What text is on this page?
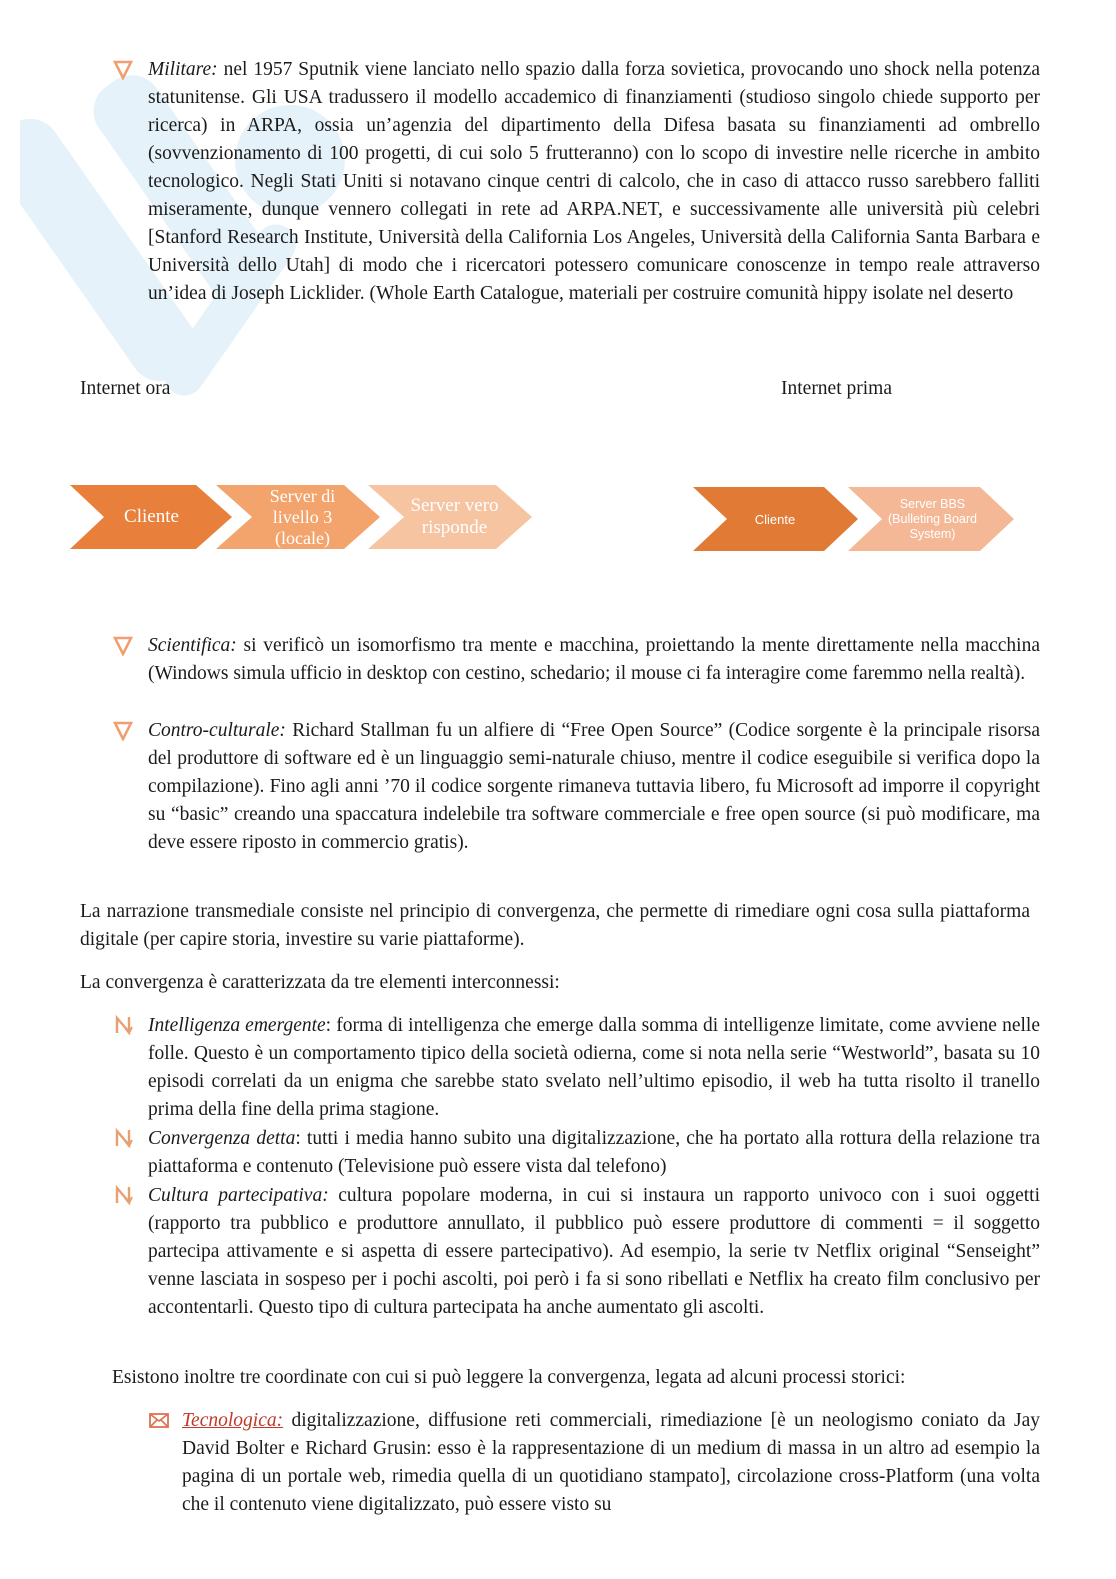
Militare: nel 1957 Sputnik viene lanciato nello spazio dalla forza sovietica, provocando uno shock nella potenza statunitense. Gli USA tradussero il modello accademico di finanziamenti (studioso singolo chiede supporto per ricerca) in ARPA, ossia un’agenzia del dipartimento della Difesa basata su finanziamenti ad ombrello (sovvenzionamento di 100 progetti, di cui solo 5 frutteranno) con lo scopo di investire nelle ricerche in ambito tecnologico. Negli Stati Uniti si notavano cinque centri di calcolo, che in caso di attacco russo sarebbero falliti miseramente, dunque vennero collegati in rete ad ARPA.NET, e successivamente alle università più celebri [Stanford Research Institute, Università della California Los Angeles, Università della California Santa Barbara e Università dello Utah] di modo che i ricercatori potessero comunicare conoscenze in tempo reale attraverso un’idea di Joseph Licklider. (Whole Earth Catalogue, materiali per costruire comunità hippy isolate nel deserto
Internet ora	Internet prima
Cliente
Server di livello 3 (locale)
Server vero risponde	Cliente
Server BBS (Bulleting Board System)
Scientifica: si verificò un isomorfismo tra mente e macchina, proiettando la mente direttamente nella macchina (Windows simula ufficio in desktop con cestino, schedario; il mouse ci fa interagire come faremmo nella realtà).
Contro-culturale: Richard Stallman fu un alfiere di “Free Open Source” (Codice sorgente è la principale risorsa del produttore di software ed è un linguaggio semi-naturale chiuso, mentre il codice eseguibile si verifica dopo la compilazione). Fino agli anni ’70 il codice sorgente rimaneva tuttavia libero, fu Microsoft ad imporre il copyright su “basic” creando una spaccatura indelebile tra software commerciale e free open source (si può modificare, ma deve essere riposto in commercio gratis).
La narrazione transmediale consiste nel principio di convergenza, che permette di rimediare ogni cosa sulla piattaforma digitale (per capire storia, investire su varie piattaforme).
La convergenza è caratterizzata da tre elementi interconnessi:
Intelligenza emergente: forma di intelligenza che emerge dalla somma di intelligenze limitate, come avviene nelle folle. Questo è un comportamento tipico della società odierna, come si nota nella serie “Westworld”, basata su 10 episodi correlati da un enigma che sarebbe stato svelato nell’ultimo episodio, il web ha tutta risolto il tranello prima della fine della prima stagione.
Convergenza detta: tutti i media hanno subito una digitalizzazione, che ha portato alla rottura della relazione tra piattaforma e contenuto (Televisione può essere vista dal telefono)
Cultura partecipativa: cultura popolare moderna, in cui si instaura un rapporto univoco con i suoi oggetti (rapporto tra pubblico e produttore annullato, il pubblico può essere produttore di commenti = il soggetto partecipa attivamente e si aspetta di essere partecipativo). Ad esempio, la serie tv Netflix original “Senseight” venne lasciata in sospeso per i pochi ascolti, poi però i fa si sono ribellati e Netflix ha creato film conclusivo per accontentarli. Questo tipo di cultura partecipata ha anche aumentato gli ascolti.
Esistono inoltre tre coordinate con cui si può leggere la convergenza, legata ad alcuni processi storici:
Tecnologica: digitalizzazione, diffusione reti commerciali, rimediazione [è un neologismo coniato da Jay David Bolter e Richard Grusin: esso è la rappresentazione di un medium di massa in un altro ad esempio la pagina di un portale web, rimedia quella di un quotidiano stampato], circolazione cross-Platform (una volta che il contenuto viene digitalizzato, può essere visto su
